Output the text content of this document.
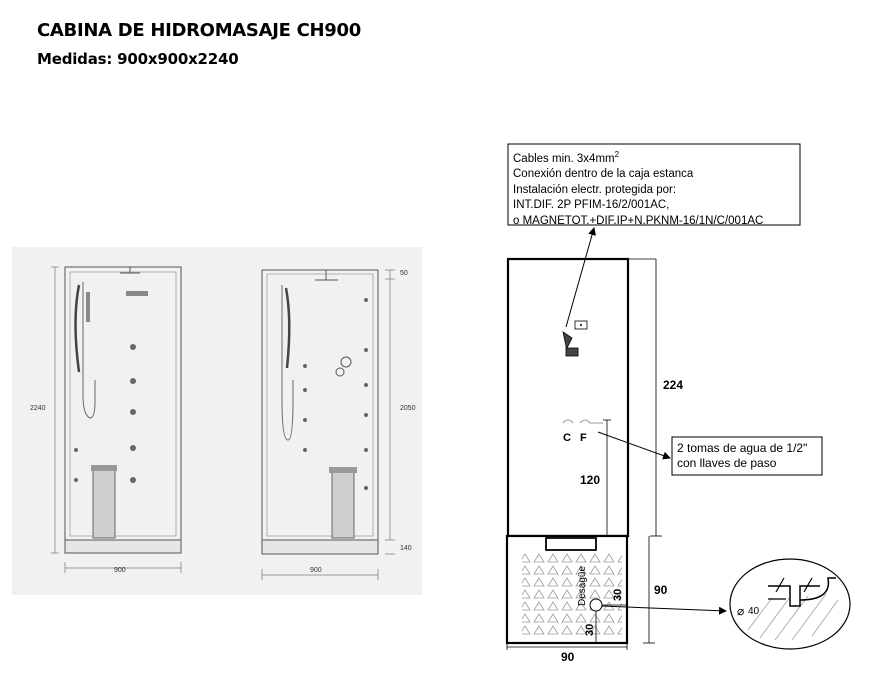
CABINA DE HIDROMASAJE CH900
Medidas: 900x900x2240
2240
900
50
2050
140
900
C F
224
120
Desagüe 30
30
90
90
⌀ 40
Cables min. $3x4mm^2$
Conexión dentro de la caja estanca
Instalación electr. protegida por:
INT.DIF. 2P PFIM-16/2/001AC,
o MAGNETOT.+DIF.IP+N.PKNM-16/1N/C/001AC
2 tomas de agua de 1/2"
con llaves de paso
